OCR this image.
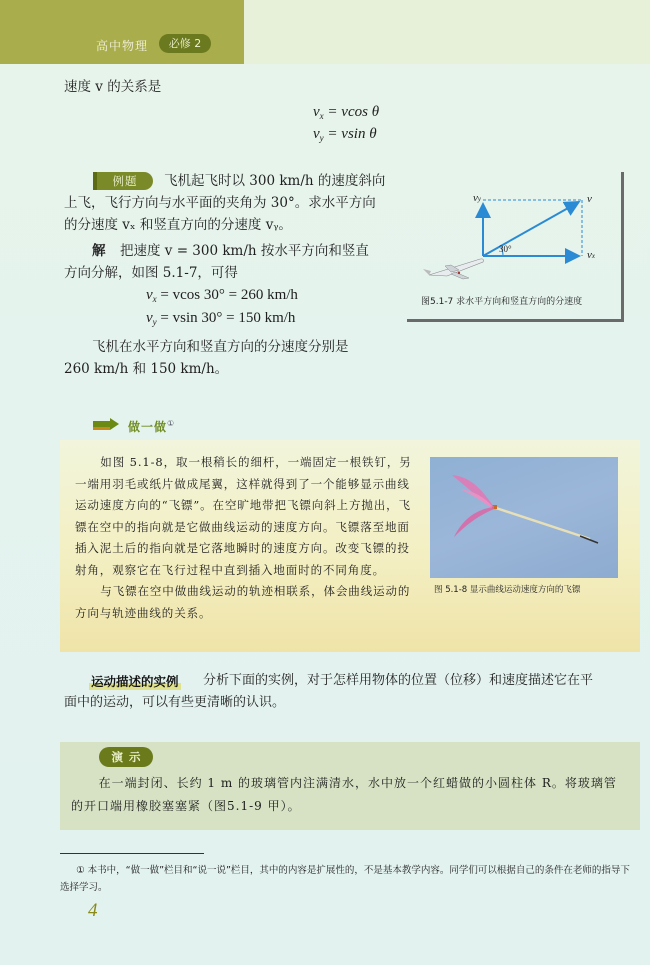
高中物理	必修 2
速度 v 的关系是
$v_x = vcos$ θ
$v_y = vsin$ θ
例题	飞机起飞时以 300 km/h 的速度斜向
上飞，飞行方向与水平面的夹角为 30°。求水平方向
的分速度 vₓ 和竖直方向的分速度 vᵧ。
解 把速度 v = 300 km/h 按水平方向和竖直
方向分解，如图 5.1-7，可得
$v_x = vcos$ 30° = 260 km/h
$v_y = vsin$ 30° = 150 km/h
飞机在水平方向和竖直方向的分速度分别是
260 km/h 和 150 km/h。
vy	v
vx
30°
图5.1-7 求水平方向和竖直方向的分速度
做一做①

如图 5.1-8，取一根稍长的细杆，一端固定一根铁钉，另一端用羽毛或纸片做成尾翼，这样就得到了一个能够显示曲线运动速度方向的“飞镖”。在空旷地带把飞镖向斜上方抛出，飞镖在空中的指向就是它做曲线运动的速度方向。飞镖落至地面插入泥土后的指向就是它落地瞬时的速度方向。改变飞镖的投射角，观察它在飞行过程中直到插入地面时的不同角度。

与飞镖在空中做曲线运动的轨迹相联系，体会曲线运动的方向与轨迹曲线的关系。

图 5.1-8 显示曲线运动速度方向的飞镖
运动描述的实例 分析下面的实例，对于怎样用物体的位置（位移）和速度描述它在平
面中的运动，可以有些更清晰的认识。
演示

在一端封闭、长约 1 m 的玻璃管内注满清水，水中放一个红蜡做的小圆柱体 R。将玻璃管的开口端用橡胶塞塞紧（图5.1-9 甲）。

① 本书中，“做一做”栏目和“说一说”栏目，其中的内容是扩展性的，不是基本教学内容。同学们可以根据自己的条件在老师的指导下选择学习。

4
